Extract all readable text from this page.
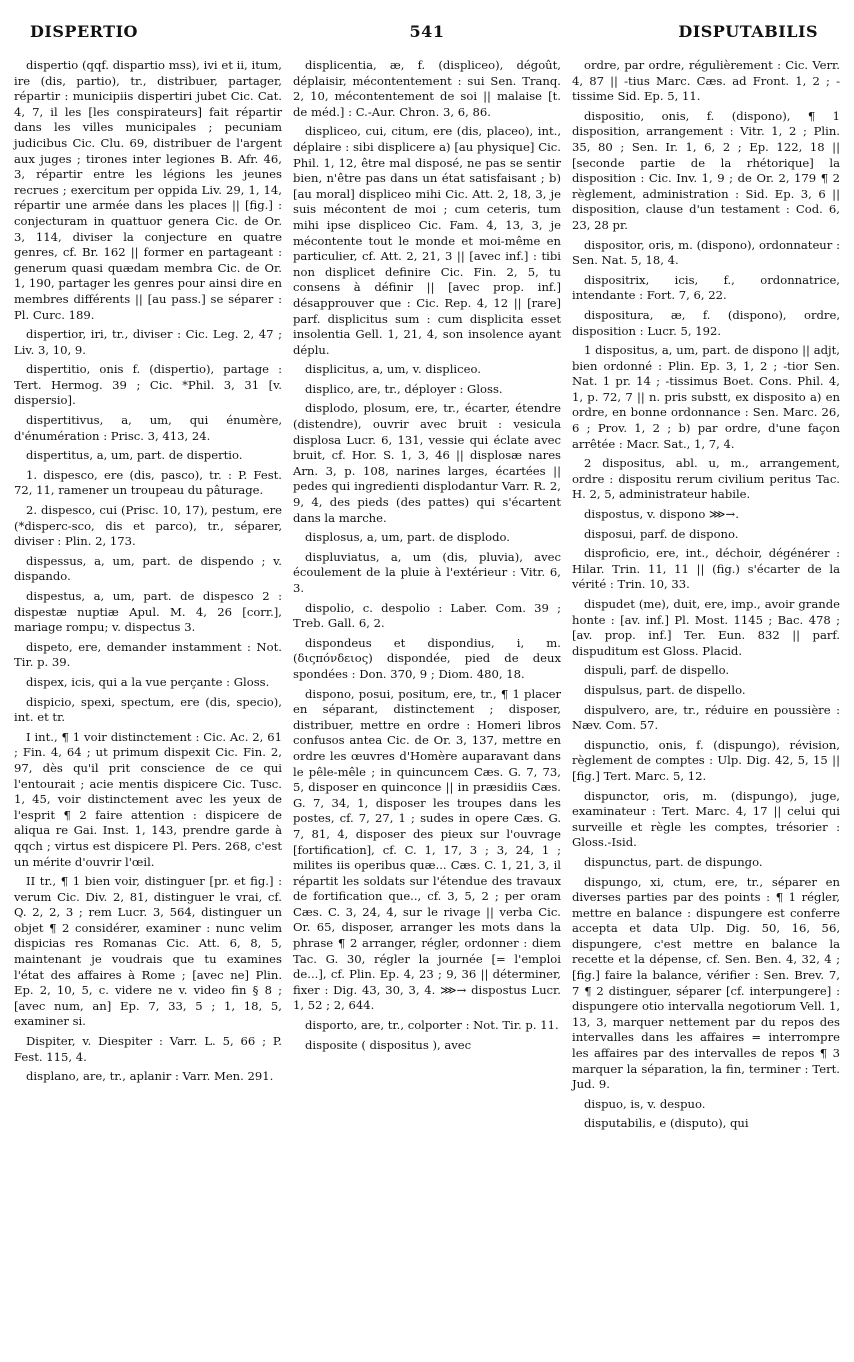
DISPERTIO	541	DISPUTABILIS

dispertio (qqf. dispartio mss), ivi et ii, itum, ire (dis, partio), tr., distribuer, partager, répartir : municipiis dispertiri jubet Cic. Cat. 4, 7, il les [les conspirateurs] fait répartir dans les villes municipales ; pecuniam judicibus Cic. Clu. 69, distribuer de l'argent aux juges ; tirones inter legiones B. Afr. 46, 3, répartir entre les légions les jeunes recrues ; exercitum per oppida Liv. 29, 1, 14, répartir une armée dans les places || [fig.] : conjecturam in quattuor genera Cic. de Or. 3, 114, diviser la conjecture en quatre genres, cf. Br. 162 || former en partageant : generum quasi quædam membra Cic. de Or. 1, 190, partager les genres pour ainsi dire en membres différents || [au pass.] se séparer : Pl. Curc. 189.

dispertior, iri, tr., diviser : Cic. Leg. 2, 47 ; Liv. 3, 10, 9.

dispertitio, onis f. (dispertio), partage : Tert. Hermog. 39 ; Cic. *Phil. 3, 31 [v. dispersio].

dispertitivus, a, um, qui énumère, d'énumération : Prisc. 3, 413, 24.

dispertitus, a, um, part. de dispertio.

1. dispesco, ere (dis, pasco), tr. : P. Fest. 72, 11, ramener un troupeau du pâturage.

2. dispesco, cui (Prisc. 10, 17), pestum, ere (*disperc-sco, dis et parco), tr., séparer, diviser : Plin. 2, 173.

dispessus, a, um, part. de dispendo ; v. dispando.

dispestus, a, um, part. de dispesco 2 : dispestæ nuptiæ Apul. M. 4, 26 [corr.], mariage rompu; v. dispectus 3.

dispeto, ere, demander instamment : Not. Tir. p. 39.

dispex, icis, qui a la vue perçante : Gloss.

dispicio, spexi, spectum, ere (dis, specio), int. et tr.

I int., ¶ 1 voir distinctement : Cic. Ac. 2, 61 ; Fin. 4, 64 ; ut primum dispexit Cic. Fin. 2, 97, dès qu'il prit conscience de ce qui l'entourait ; acie mentis dispicere Cic. Tusc. 1, 45, voir distinctement avec les yeux de l'esprit ¶ 2 faire attention : dispicere de aliqua re Gai. Inst. 1, 143, prendre garde à qqch ; virtus est dispicere Pl. Pers. 268, c'est un mérite d'ouvrir l'œil.

II tr., ¶ 1 bien voir, distinguer [pr. et fig.] : verum Cic. Div. 2, 81, distinguer le vrai, cf. Q. 2, 2, 3 ; rem Lucr. 3, 564, distinguer un objet ¶ 2 considérer, examiner : nunc velim dispicias res Romanas Cic. Att. 6, 8, 5, maintenant je voudrais que tu examines l'état des affaires à Rome ; [avec ne] Plin. Ep. 2, 10, 5, c. videre ne v. video fin § 8 ; [avec num, an] Ep. 7, 33, 5 ; 1, 18, 5, examiner si.

Dispiter, v. Diespiter : Varr. L. 5, 66 ; P. Fest. 115, 4.

displano, are, tr., aplanir : Varr. Men. 291.

displicentia, æ, f. (displiceo), dégoût, déplaisir, mécontentement : sui Sen. Tranq. 2, 10, mécontentement de soi || malaise [t. de méd.] : C.-Aur. Chron. 3, 6, 86.

displiceo, cui, citum, ere (dis, placeo), int., déplaire : sibi displicere a) [au physique] Cic. Phil. 1, 12, être mal disposé, ne pas se sentir bien, n'être pas dans un état satisfaisant ; b) [au moral] displiceo mihi Cic. Att. 2, 18, 3, je suis mécontent de moi ; cum ceteris, tum mihi ipse displiceo Cic. Fam. 4, 13, 3, je mécontente tout le monde et moi-même en particulier, cf. Att. 2, 21, 3 || [avec inf.] : tibi non displicet definire Cic. Fin. 2, 5, tu consens à définir || [avec prop. inf.] désapprouver que : Cic. Rep. 4, 12 || [rare] parf. displicitus sum : cum displicita esset insolentia Gell. 1, 21, 4, son insolence ayant déplu.

displicitus, a, um, v. displiceo.

displico, are, tr., déployer : Gloss.

displodo, plosum, ere, tr., écarter, étendre (distendre), ouvrir avec bruit : vesicula displosa Lucr. 6, 131, vessie qui éclate avec bruit, cf. Hor. S. 1, 3, 46 || displosæ nares Arn. 3, p. 108, narines larges, écartées || pedes qui ingredienti displodantur Varr. R. 2, 9, 4, des pieds (des pattes) qui s'écartent dans la marche.

displosus, a, um, part. de displodo.

displuviatus, a, um (dis, pluvia), avec écoulement de la pluie à l'extérieur : Vitr. 6, 3.

dispolio, c. despolio : Laber. Com. 39 ; Treb. Gall. 6, 2.

dispondeus et dispondius, i, m. (διςπόνδειος) dispondée, pied de deux spondées : Don. 370, 9 ; Diom. 480, 18.

dispono, posui, positum, ere, tr., ¶ 1 placer en séparant, distinctement ; disposer, distribuer, mettre en ordre : Homeri libros confusos antea Cic. de Or. 3, 137, mettre en ordre les œuvres d'Homère auparavant dans le pêle-mêle ; in quincuncem Cæs. G. 7, 73, 5, disposer en quinconce || in præsidiis Cæs. G. 7, 34, 1, disposer les troupes dans les postes, cf. 7, 27, 1 ; sudes in opere Cæs. G. 7, 81, 4, disposer des pieux sur l'ouvrage [fortification], cf. C. 1, 17, 3 ; 3, 24, 1 ; milites iis operibus quæ... Cæs. C. 1, 21, 3, il répartit les soldats sur l'étendue des travaux de fortification que.., cf. 3, 5, 2 ; per oram Cæs. C. 3, 24, 4, sur le rivage || verba Cic. Or. 65, disposer, arranger les mots dans la phrase ¶ 2 arranger, régler, ordonner : diem Tac. G. 30, régler la journée [= l'emploi de...], cf. Plin. Ep. 4, 23 ; 9, 36 || déterminer, fixer : Dig. 43, 30, 3, 4. ⋙→ dispostus Lucr. 1, 52 ; 2, 644.

disporto, are, tr., colporter : Not. Tir. p. 11.

disposite ( dispositus ), avec

ordre, par ordre, régulièrement : Cic. Verr. 4, 87 || -tius Marc. Cæs. ad Front. 1, 2 ; -tissime Sid. Ep. 5, 11.

dispositio, onis, f. (dispono), ¶ 1 disposition, arrangement : Vitr. 1, 2 ; Plin. 35, 80 ; Sen. Ir. 1, 6, 2 ; Ep. 122, 18 || [seconde partie de la rhétorique] la disposition : Cic. Inv. 1, 9 ; de Or. 2, 179 ¶ 2 règlement, administration : Sid. Ep. 3, 6 || disposition, clause d'un testament : Cod. 6, 23, 28 pr.

dispositor, oris, m. (dispono), ordonnateur : Sen. Nat. 5, 18, 4.

dispositrix, icis, f., ordonnatrice, intendante : Fort. 7, 6, 22.

dispositura, æ, f. (dispono), ordre, disposition : Lucr. 5, 192.

1 dispositus, a, um, part. de dispono || adjt, bien ordonné : Plin. Ep. 3, 1, 2 ; -tior Sen. Nat. 1 pr. 14 ; -tissimus Boet. Cons. Phil. 4, 1, p. 72, 7 || n. pris substt, ex disposito a) en ordre, en bonne ordonnance : Sen. Marc. 26, 6 ; Prov. 1, 2 ; b) par ordre, d'une façon arrêtée : Macr. Sat., 1, 7, 4.

2 dispositus, abl. u, m., arrangement, ordre : dispositu rerum civilium peritus Tac. H. 2, 5, administrateur habile.

dispostus, v. dispono ⋙→.

disposui, parf. de dispono.

disproficio, ere, int., déchoir, dégénérer : Hilar. Trin. 11, 11 || (fig.) s'écarter de la vérité : Trin. 10, 33.

dispudet (me), duit, ere, imp., avoir grande honte : [av. inf.] Pl. Most. 1145 ; Bac. 478 ; [av. prop. inf.] Ter. Eun. 832 || parf. dispuditum est Gloss. Placid.

dispuli, parf. de dispello.

dispulsus, part. de dispello.

dispulvero, are, tr., réduire en poussière : Næv. Com. 57.

dispunctio, onis, f. (dispungo), révision, règlement de comptes : Ulp. Dig. 42, 5, 15 || [fig.] Tert. Marc. 5, 12.

dispunctor, oris, m. (dispungo), juge, examinateur : Tert. Marc. 4, 17 || celui qui surveille et règle les comptes, trésorier : Gloss.-Isid.

dispunctus, part. de dispungo.

dispungo, xi, ctum, ere, tr., séparer en diverses parties par des points : ¶ 1 régler, mettre en balance : dispungere est conferre accepta et data Ulp. Dig. 50, 16, 56, dispungere, c'est mettre en balance la recette et la dépense, cf. Sen. Ben. 4, 32, 4 ; [fig.] faire la balance, vérifier : Sen. Brev. 7, 7 ¶ 2 distinguer, séparer [cf. interpungere] : dispungere otio intervalla negotiorum Vell. 1, 13, 3, marquer nettement par du repos des intervalles dans les affaires = interrompre les affaires par des intervalles de repos ¶ 3 marquer la séparation, la fin, terminer : Tert. Jud. 9.

dispuo, is, v. despuo.

disputabilis, e (disputo), qui
